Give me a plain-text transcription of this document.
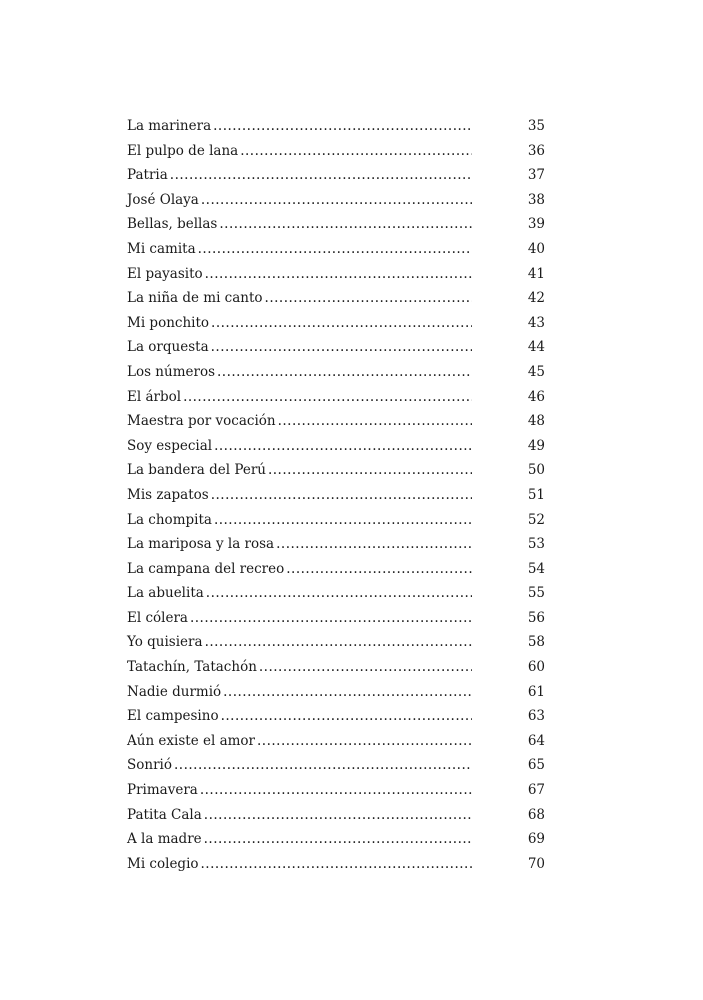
La marinera .....	35
El pulpo de lana .....	36
Patria .....	37
José Olaya .....	38
Bellas, bellas .....	39
Mi camita .....	40
El payasito .....	41
La niña de mi canto .....	42
Mi ponchito .....	43
La orquesta .....	44
Los números .....	45
El árbol .....	46
Maestra por vocación .....	48
Soy especial .....	49
La bandera del Perú .....	50
Mis zapatos .....	51
La chompita .....	52
La mariposa y la rosa .....	53
La campana del recreo .....	54
La abuelita .....	55
El cólera .....	56
Yo quisiera .....	58
Tatachín, Tatachón .....	60
Nadie durmió .....	61
El campesino .....	63
Aún existe el amor .....	64
Sonrió .....	65
Primavera .....	67
Patita Cala .....	68
A la madre .....	69
Mi colegio .....	70
